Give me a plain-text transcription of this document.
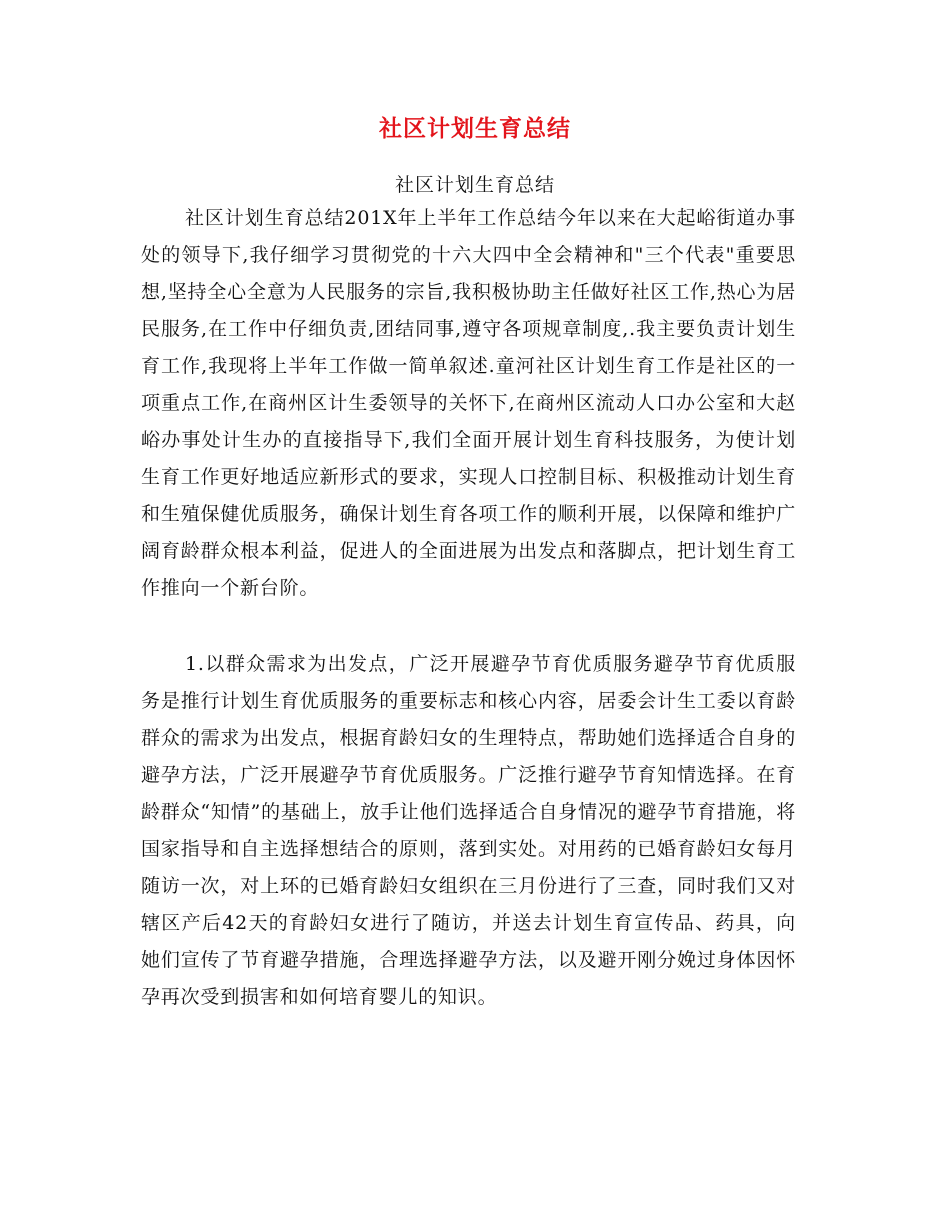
社区计划生育总结
社区计划生育总结

社区计划生育总结201X年上半年工作总结今年以来在大起峪街道办事处的领导下,我仔细学习贯彻党的十六大四中全会精神和"三个代表"重要思想,坚持全心全意为人民服务的宗旨,我积极协助主任做好社区工作,热心为居民服务,在工作中仔细负责,团结同事,遵守各项规章制度,.我主要负责计划生育工作,我现将上半年工作做一简单叙述.童河社区计划生育工作是社区的一项重点工作,在商州区计生委领导的关怀下,在商州区流动人口办公室和大赵峪办事处计生办的直接指导下,我们全面开展计划生育科技服务，为使计划生育工作更好地适应新形式的要求，实现人口控制目标、积极推动计划生育和生殖保健优质服务，确保计划生育各项工作的顺利开展，以保障和维护广阔育龄群众根本利益，促进人的全面进展为出发点和落脚点，把计划生育工作推向一个新台阶。

1.以群众需求为出发点，广泛开展避孕节育优质服务避孕节育优质服务是推行计划生育优质服务的重要标志和核心内容，居委会计生工委以育龄群众的需求为出发点，根据育龄妇女的生理特点，帮助她们选择适合自身的避孕方法，广泛开展避孕节育优质服务。广泛推行避孕节育知情选择。在育龄群众“知情”的基础上，放手让他们选择适合自身情况的避孕节育措施，将国家指导和自主选择想结合的原则，落到实处。对用药的已婚育龄妇女每月随访一次，对上环的已婚育龄妇女组织在三月份进行了三查，同时我们又对辖区产后42天的育龄妇女进行了随访，并送去计划生育宣传品、药具，向她们宣传了节育避孕措施，合理选择避孕方法，以及避开刚分娩过身体因怀孕再次受到损害和如何培育婴儿的知识。
